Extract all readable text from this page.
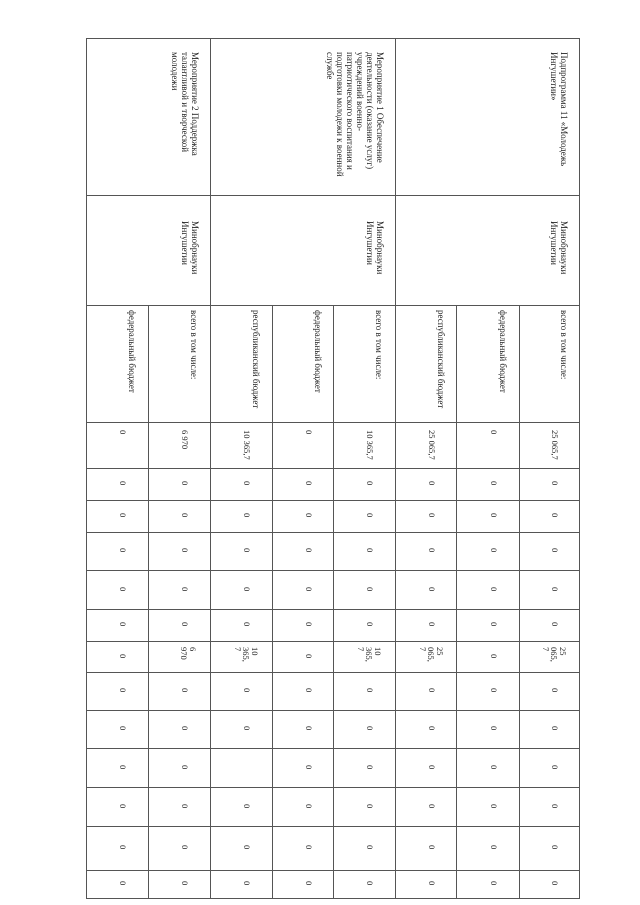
Подпрограмма 11 «Молодежь Ингушетии»
Минобрнауки Ингушетии
всего в том числе:
25 065,7
0
0
0
0
0
25
065,
7
0
0
0
0
0
0
федеральный бюджет
0
0
0
0
0
0
0
0
0
0
0
0
0
республиканский бюджет
25 065,7
0
0
0
0
0
25
065,
7
0
0
0
0
0
0
Мероприятие 1 Обеспечение деятельности (оказание услуг) учреждений военно-патриотического воспитания и подготовки молодежи к военной службе
Минобрнауки Ингушетии
всего в том числе:
10 365,7
0
0
0
0
0
10
365,
7
0
0
0
0
0
0
федеральный бюджет
0
0
0
0
0
0
0
0
0
0
0
0
0
республиканский бюджет
10 365,7
0
0
0
0
0
10
365,
7
0
0
0
0
0
Мероприятие 2 Поддержка талантливой и творческой молодежи
Минобрнауки Ингушетии
всего в том числе:
6 970
0
0
0
0
0
6
970
0
0
0
0
0
0
федеральный бюджет
0
0
0
0
0
0
0
0
0
0
0
0
0
